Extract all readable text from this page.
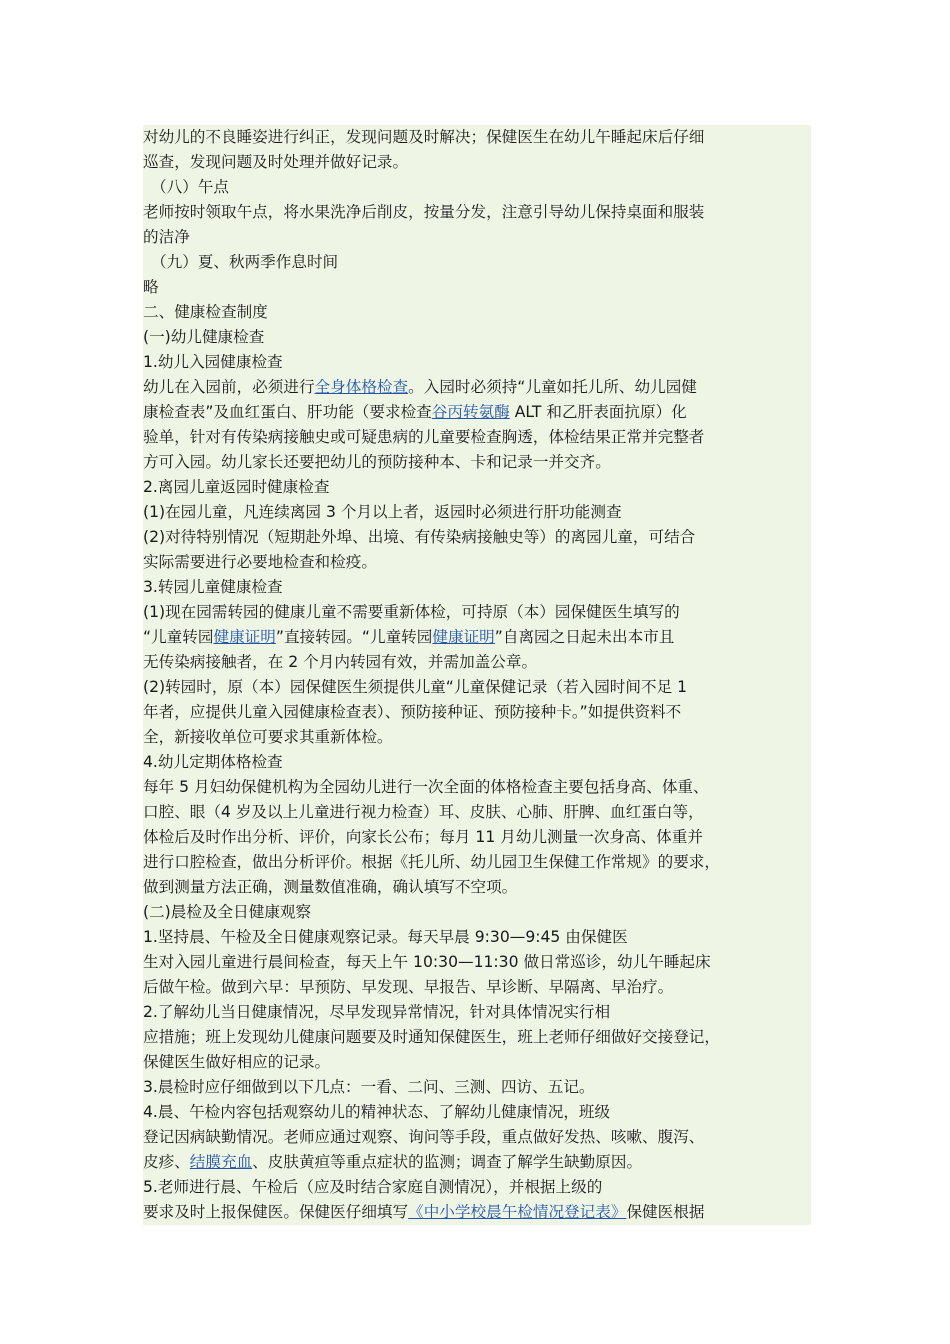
对幼儿的不良睡姿进行纠正，发现问题及时解决；保健医生在幼儿午睡起床后仔细
巡查，发现问题及时处理并做好记录。
（八）午点
老师按时领取午点，将水果洗净后削皮，按量分发，注意引导幼儿保持桌面和服装
的洁净
（九）夏、秋两季作息时间
略
二、健康检查制度
(一)幼儿健康检查
1.幼儿入园健康检查
幼儿在入园前，必须进行全身体格检查。入园时必须持“儿童如托儿所、幼儿园健
康检查表”及血红蛋白、肝功能（要求检查谷丙转氨酶 ALT 和乙肝表面抗原）化
验单，针对有传染病接触史或可疑患病的儿童要检查胸透，体检结果正常并完整者
方可入园。幼儿家长还要把幼儿的预防接种本、卡和记录一并交齐。
2.离园儿童返园时健康检查
(1)在园儿童，凡连续离园 3 个月以上者，返园时必须进行肝功能测查
(2)对待特别情况（短期赴外埠、出境、有传染病接触史等）的离园儿童，可结合
实际需要进行必要地检查和检疫。
3.转园儿童健康检查
(1)现在园需转园的健康儿童不需要重新体检，可持原（本）园保健医生填写的
“儿童转园健康证明”直接转园。“儿童转园健康证明”自离园之日起未出本市且
无传染病接触者，在 2 个月内转园有效，并需加盖公章。
(2)转园时，原（本）园保健医生须提供儿童“儿童保健记录（若入园时间不足 1
年者，应提供儿童入园健康检查表）、预防接种证、预防接种卡。”如提供资料不
全，新接收单位可要求其重新体检。
4.幼儿定期体格检查
每年 5 月妇幼保健机构为全园幼儿进行一次全面的体格检查主要包括身高、体重、
口腔、眼（4 岁及以上儿童进行视力检查）耳、皮肤、心肺、肝脾、血红蛋白等，
体检后及时作出分析、评价，向家长公布；每月 11 月幼儿测量一次身高、体重并
进行口腔检查，做出分析评价。根据《托儿所、幼儿园卫生保健工作常规》的要求，
做到测量方法正确，测量数值准确，确认填写不空项。
(二)晨检及全日健康观察
1.坚持晨、午检及全日健康观察记录。每天早晨 9:30—9:45 由保健医
生对入园儿童进行晨间检查，每天上午 10:30—11:30 做日常巡诊，幼儿午睡起床
后做午检。做到六早：早预防、早发现、早报告、早诊断、早隔离、早治疗。
2.了解幼儿当日健康情况，尽早发现异常情况，针对具体情况实行相
应措施；班上发现幼儿健康问题要及时通知保健医生，班上老师仔细做好交接登记，
保健医生做好相应的记录。
3.晨检时应仔细做到以下几点：一看、二问、三测、四访、五记。
4.晨、午检内容包括观察幼儿的精神状态、了解幼儿健康情况，班级
登记因病缺勤情况。老师应通过观察、询问等手段，重点做好发热、咳嗽、腹泻、
皮疹、结膜充血、皮肤黄疸等重点症状的监测；调查了解学生缺勤原因。
5.老师进行晨、午检后（应及时结合家庭自测情况），并根据上级的
要求及时上报保健医。保健医仔细填写《中小学校晨午检情况登记表》保健医根据
